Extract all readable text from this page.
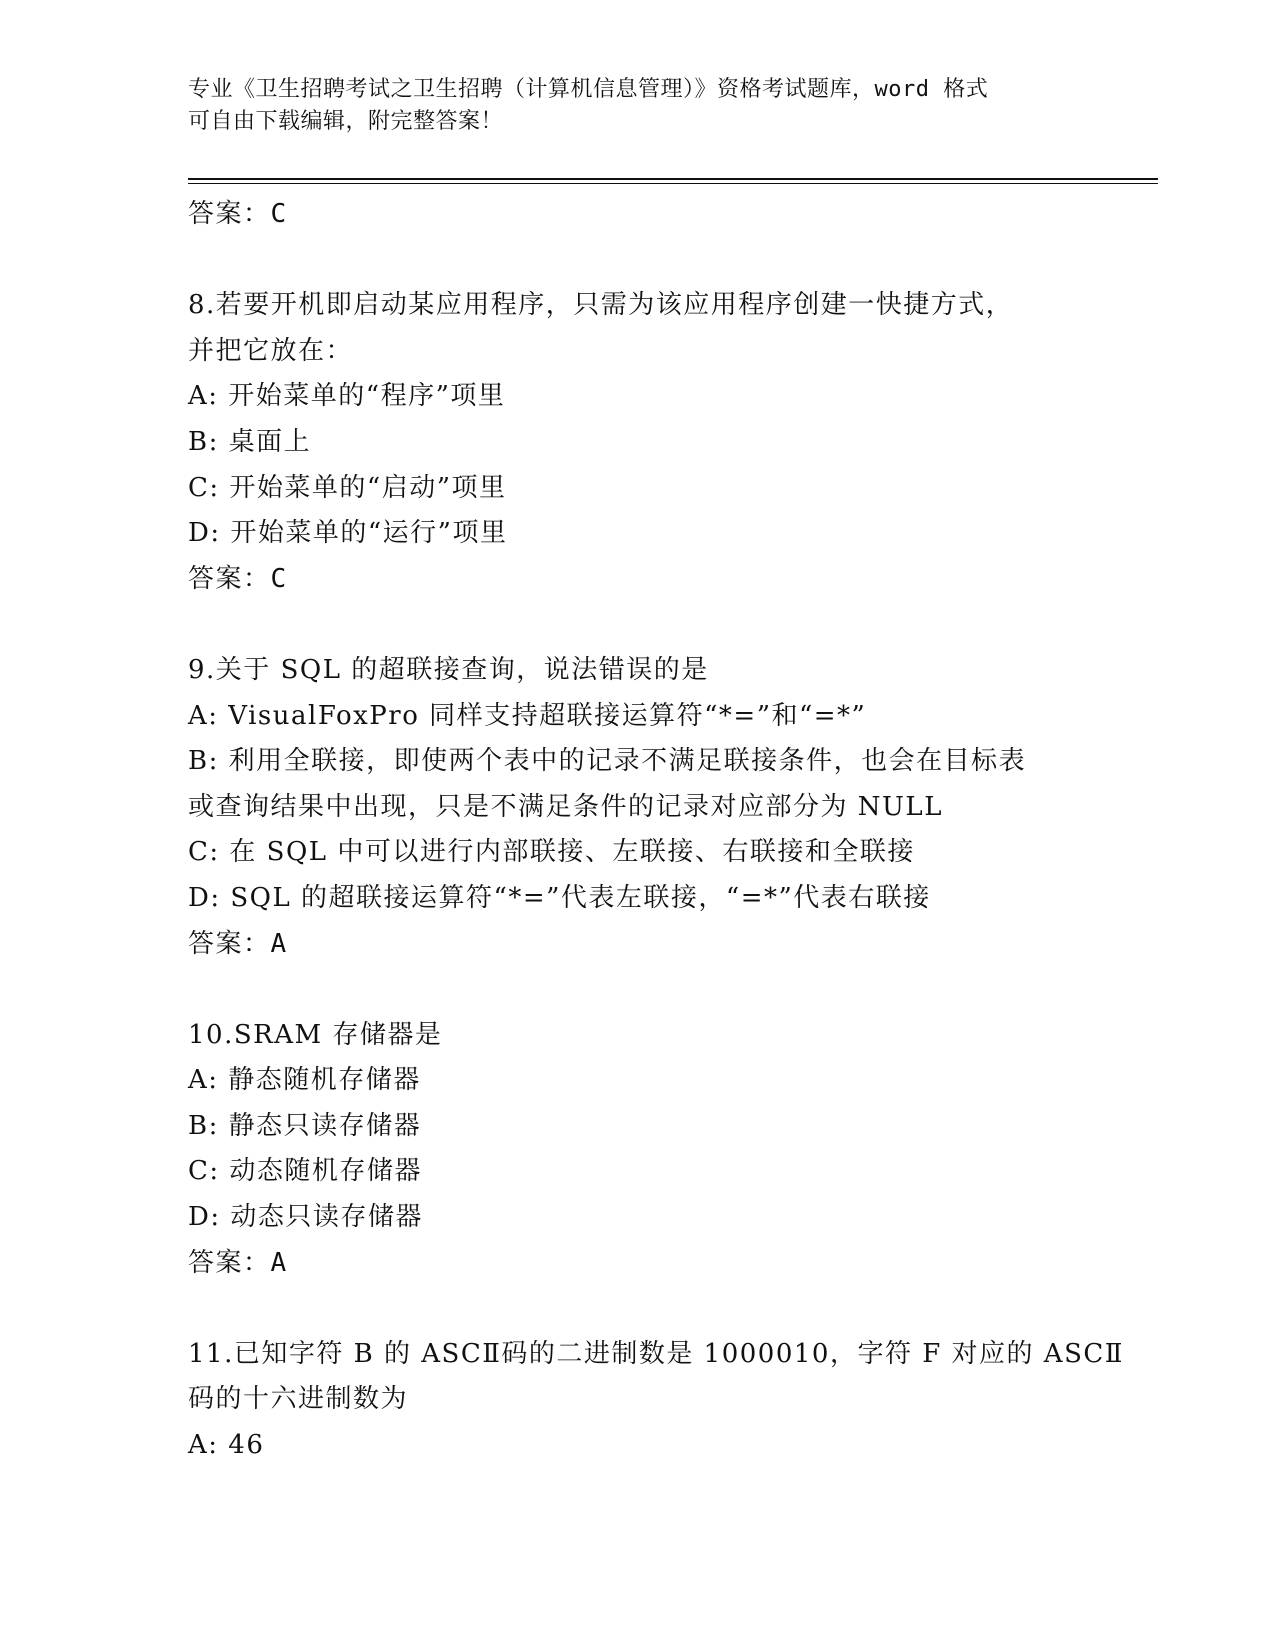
专业《卫生招聘考试之卫生招聘（计算机信息管理）》资格考试题库，word 格式
可自由下载编辑，附完整答案！
答案：C
8.若要开机即启动某应用程序，只需为该应用程序创建一快捷方式，
并把它放在：
A: 开始菜单的“程序”项里
B: 桌面上
C: 开始菜单的“启动”项里
D: 开始菜单的“运行”项里
答案：C
9.关于 SQL 的超联接查询，说法错误的是
A: VisualFoxPro 同样支持超联接运算符“*=”和“=*”
B: 利用全联接，即使两个表中的记录不满足联接条件，也会在目标表
或查询结果中出现，只是不满足条件的记录对应部分为 NULL
C: 在 SQL 中可以进行内部联接、左联接、右联接和全联接
D: SQL 的超联接运算符“*=”代表左联接，“=*”代表右联接
答案：A
10.SRAM 存储器是
A: 静态随机存储器
B: 静态只读存储器
C: 动态随机存储器
D: 动态只读存储器
答案：A
11.已知字符 B 的 ASCⅡ码的二进制数是 1000010，字符 F 对应的 ASCⅡ
码的十六进制数为
A: 46
